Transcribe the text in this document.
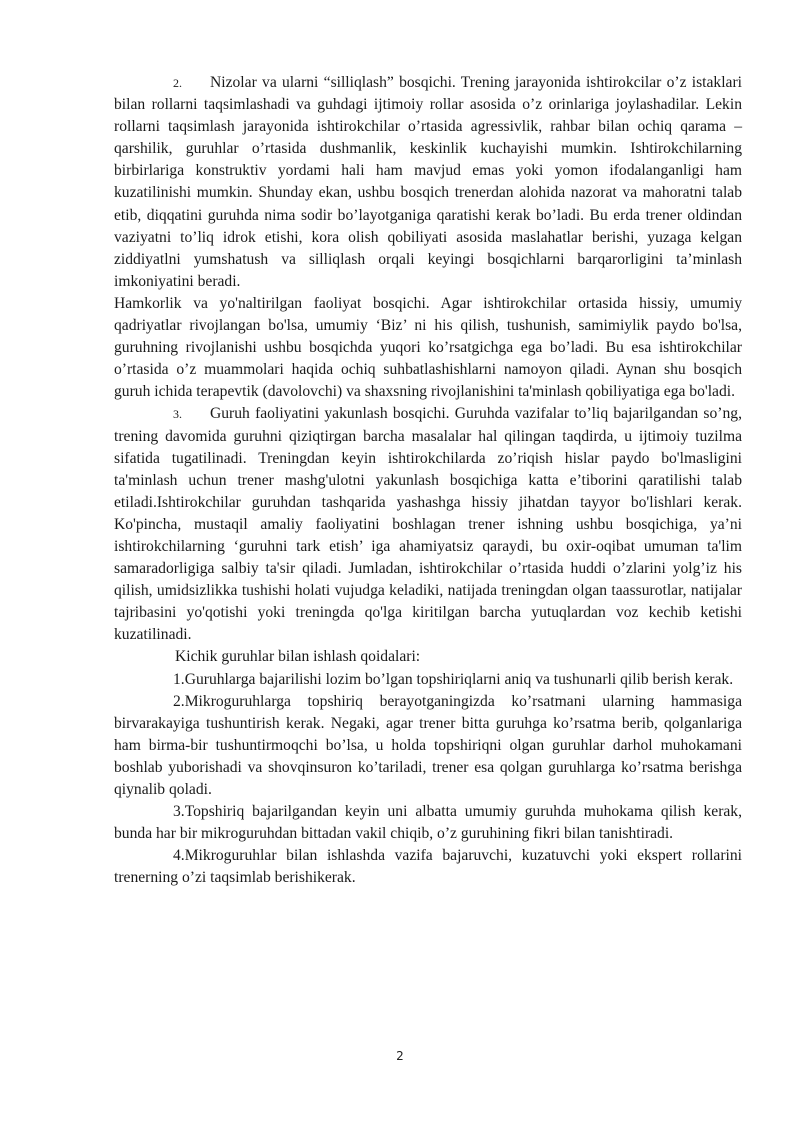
2. Nizolar va ularni “silliqlash” bosqichi. Trening jarayonida ishtirokcilar o’z istaklari bilan rollarni taqsimlashadi va guhdagi ijtimoiy rollar asosida o’z orinlariga joylashadilar. Lekin rollarni taqsimlash jarayonida ishtirokchilar o’rtasida agressivlik, rahbar bilan ochiq qarama – qarshilik, guruhlar o’rtasida dushmanlik, keskinlik kuchayishi mumkin. Ishtirokchilarning birbirlariga konstruktiv yordami hali ham mavjud emas yoki yomon ifodalanganligi ham kuzatilinishi mumkin. Shunday ekan, ushbu bosqich trenerdan alohida nazorat va mahoratni talab etib, diqqatini guruhda nima sodir bo’layotganiga qaratishi kerak bo’ladi. Bu erda trener oldindan vaziyatni to’liq idrok etishi, kora olish qobiliyati asosida maslahatlar berishi, yuzaga kelgan ziddiyatlni yumshatush va silliqlash orqali keyingi bosqichlarni barqarorligini ta’minlash imkoniyatini beradi.

Hamkorlik va yo'naltirilgan faoliyat bosqichi. Agar ishtirokchilar ortasida hissiy, umumiy qadriyatlar rivojlangan bo'lsa, umumiy ‘Biz’ ni his qilish, tushunish, samimiylik paydo bo'lsa, guruhning rivojlanishi ushbu bosqichda yuqori ko’rsatgichga ega bo’ladi. Bu esa ishtirokchilar o’rtasida o’z muammolari haqida ochiq suhbatlashishlarni namoyon qiladi. Aynan shu bosqich guruh ichida terapevtik (davolovchi) va shaxsning rivojlanishini ta'minlash qobiliyatiga ega bo'ladi.

3. Guruh faoliyatini yakunlash bosqichi. Guruhda vazifalar to’liq bajarilgandan so’ng, trening davomida guruhni qiziqtirgan barcha masalalar hal qilingan taqdirda, u ijtimoiy tuzilma sifatida tugatilinadi. Treningdan keyin ishtirokchilarda zo’riqish hislar paydo bo'lmasligini ta'minlash uchun trener mashg'ulotni yakunlash bosqichiga katta e’tiborini qaratilishi talab etiladi.Ishtirokchilar guruhdan tashqarida yashashga hissiy jihatdan tayyor bo'lishlari kerak. Ko'pincha, mustaqil amaliy faoliyatini boshlagan trener ishning ushbu bosqichiga, ya’ni ishtirokchilarning ‘guruhni tark etish’ iga ahamiyatsiz qaraydi, bu oxir-oqibat umuman ta'lim samaradorligiga salbiy ta'sir qiladi. Jumladan, ishtirokchilar o’rtasida huddi o’zlarini yolg’iz his qilish, umidsizlikka tushishi holati vujudga keladiki, natijada treningdan olgan taassurotlar, natijalar tajribasini yo'qotishi yoki treningda qo'lga kiritilgan barcha yutuqlardan voz kechib ketishi kuzatilinadi.

Kichik guruhlar bilan ishlash qoidalari:

1.Guruhlarga bajarilishi lozim bo’lgan topshiriqlarni aniq va tushunarli qilib berish kerak.

2.Mikroguruhlarga topshiriq berayotganingizda ko’rsatmani ularning hammasiga birvarakayiga tushuntirish kerak. Negaki, agar trener bitta guruhga ko’rsatma berib, qolganlariga ham birma-bir tushuntirmoqchi bo’lsa, u holda topshiriqni olgan guruhlar darhol muhokamani boshlab yuborishadi va shovqinsuron ko’tariladi, trener esa qolgan guruhlarga ko’rsatma berishga qiynalib qoladi.

3.Topshiriq bajarilgandan keyin uni albatta umumiy guruhda muhokama qilish kerak, bunda har bir mikroguruhdan bittadan vakil chiqib, o’z guruhining fikri bilan tanishtiradi.

4.Mikroguruhlar bilan ishlashda vazifa bajaruvchi, kuzatuvchi yoki ekspert rollarini trenerning o’zi taqsimlab berishikerak.

2
